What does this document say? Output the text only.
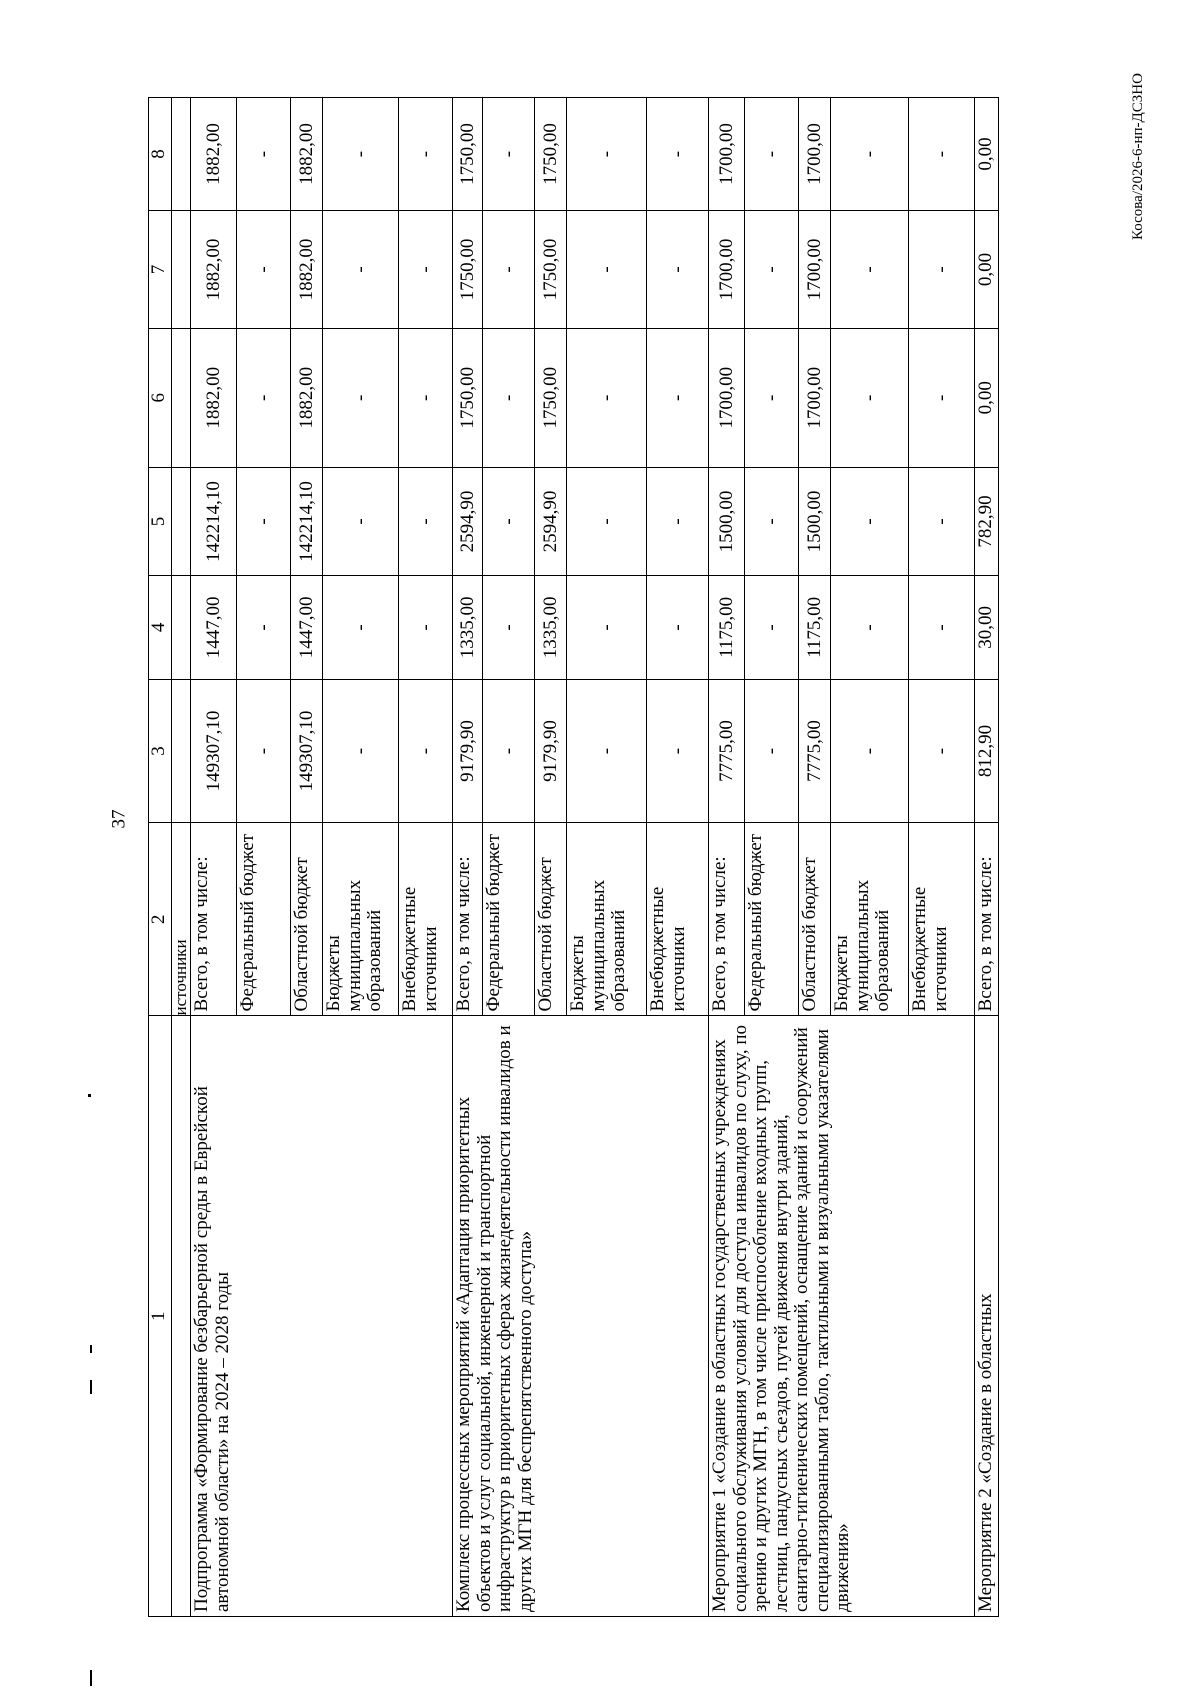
37
Косова/2026-6-нп-ДСЗНО
1	2	3	4	5	6	7	8
	источники						
Подпрограмма «Формирование безбарьерной среды в Еврейской автономной области» на 2024 – 2028 годы	Всего, в том числе:	149307,10	1447,00	142214,10	1882,00	1882,00	1882,00
	Федеральный бюджет	-	-	-	-	-	-
	Областной бюджет	149307,10	1447,00	142214,10	1882,00	1882,00	1882,00
	Бюджеты муниципальных образований	-	-	-	-	-	-
	Внебюджетные источники	-	-	-	-	-	-
Комплекс процессных мероприятий «Адаптация приоритетных объектов и услуг социальной, инженерной и транспортной инфраструктур в приоритетных сферах жизнедеятельности инвалидов и других МГН для беспрепятственного доступа»	Всего, в том числе:	9179,90	1335,00	2594,90	1750,00	1750,00	1750,00
	Федеральный бюджет	-	-	-	-	-	-
	Областной бюджет	9179,90	1335,00	2594,90	1750,00	1750,00	1750,00
	Бюджеты муниципальных образований	-	-	-	-	-	-
	Внебюджетные источники	-	-	-	-	-	-
Мероприятие 1 «Создание в областных государственных учреждениях социального обслуживания условий для доступа инвалидов по слуху, по зрению и других МГН, в том числе приспособление входных групп, лестниц, пандусных съездов, путей движения внутри зданий, санитарно-гигиенических помещений, оснащение зданий и сооружений специализированными табло, тактильными и визуальными указателями движения»	Всего, в том числе:	7775,00	1175,00	1500,00	1700,00	1700,00	1700,00
	Федеральный бюджет	-	-	-	-	-	-
	Областной бюджет	7775,00	1175,00	1500,00	1700,00	1700,00	1700,00
	Бюджеты муниципальных образований	-	-	-	-	-	-
	Внебюджетные источники	-	-	-	-	-	-
Мероприятие 2 «Создание в областных	Всего, в том числе:	812,90	30,00	782,90	0,00	0,00	0,00
